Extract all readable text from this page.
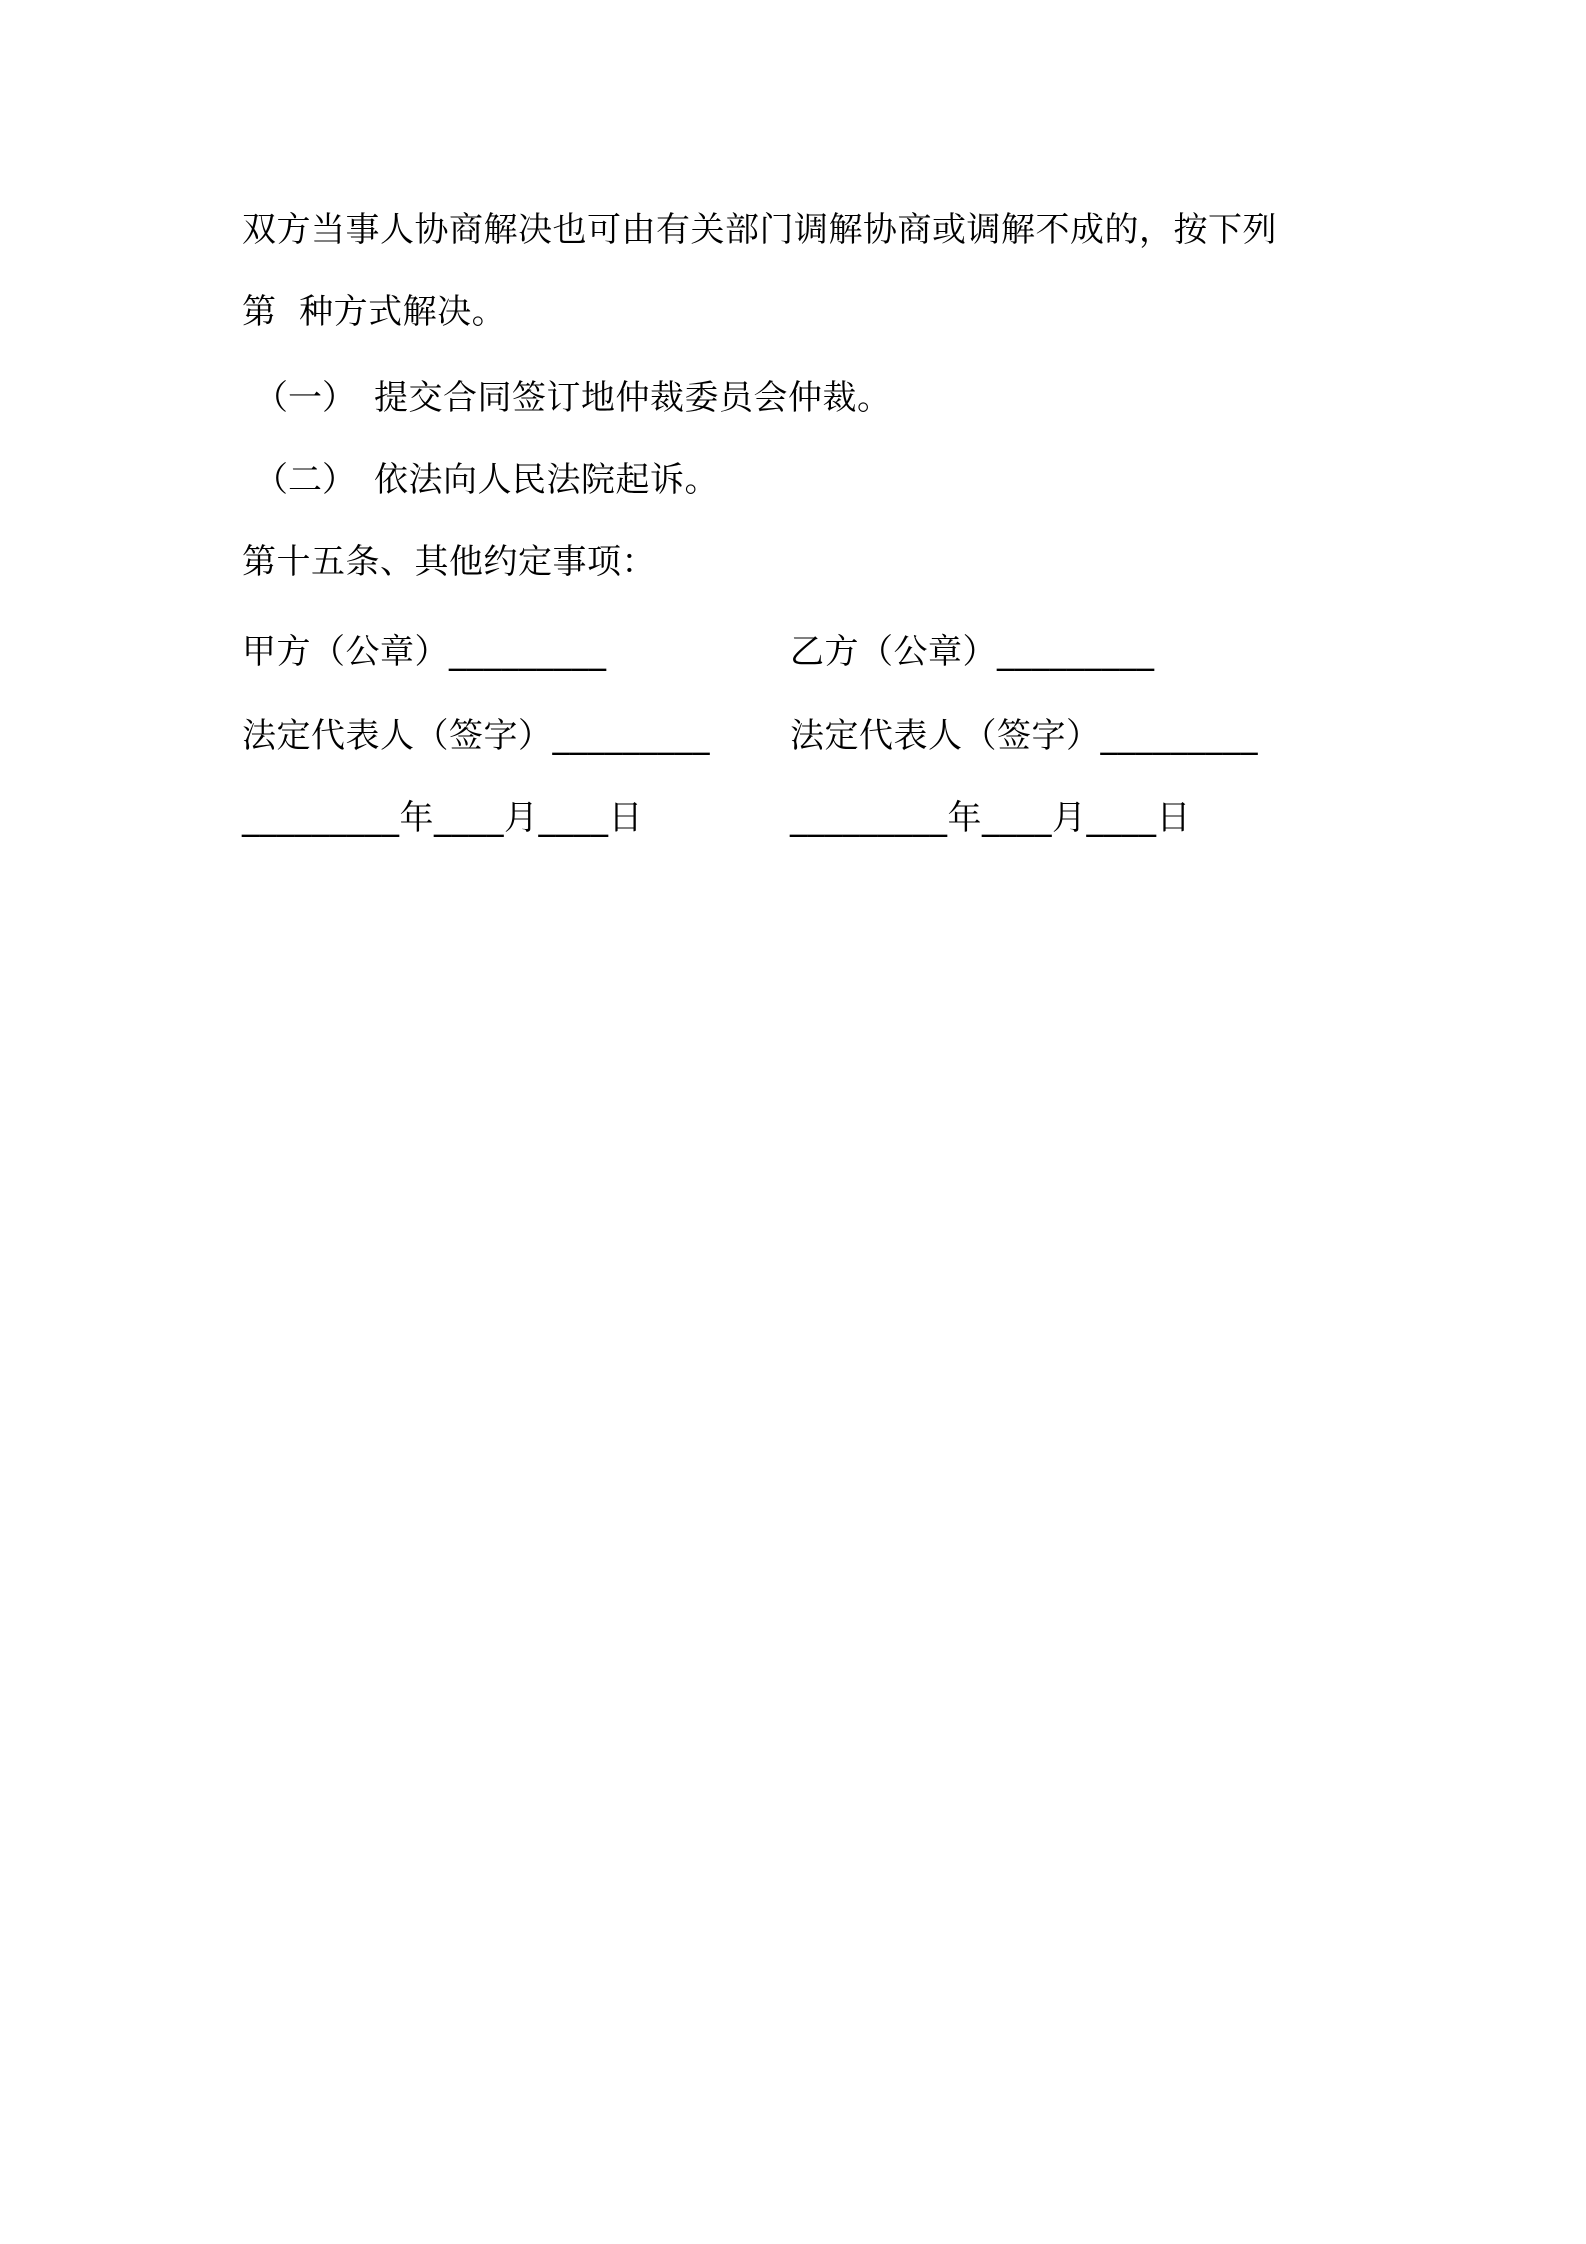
双方当事人协商解决也可由有关部门调解协商或调解不成的，按下列
第  种方式解决。
（一） 提交合同签订地仲裁委员会仲裁。
（二） 依法向人民法院起诉。
第十五条、其他约定事项：
甲方（公章）_________	乙方（公章）_________
法定代表人（签字）_________ 法定代表人（签字）_________
_________年____月____日	_________年____月____日
